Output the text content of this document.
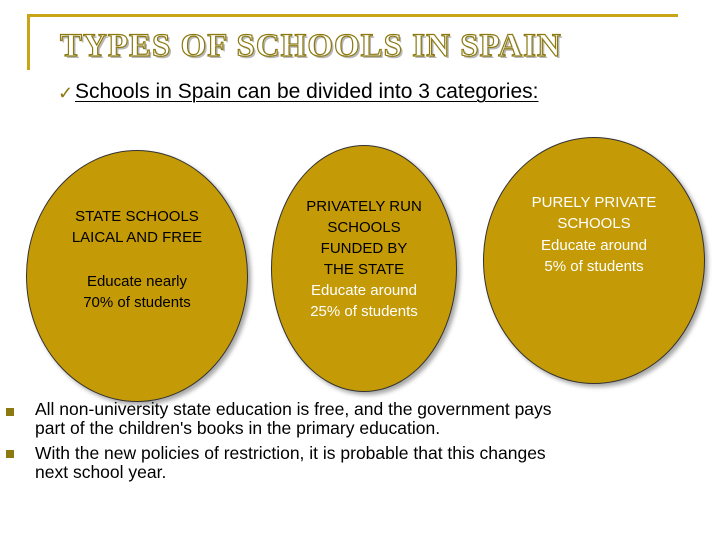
TYPES OF SCHOOLS IN SPAIN
✓ Schools in Spain can be divided into 3 categories:
STATE SCHOOLS
LAICAL AND FREE
Educate nearly
70% of students
PRIVATELY RUN
SCHOOLS
FUNDED BY
THE STATE
Educate around
25% of students
PURELY PRIVATE
SCHOOLS
Educate around
5% of students
All non-university state education is free, and the government pays
part of the children's books in the primary education.
With the new policies of restriction, it is probable that this changes
next school year.
